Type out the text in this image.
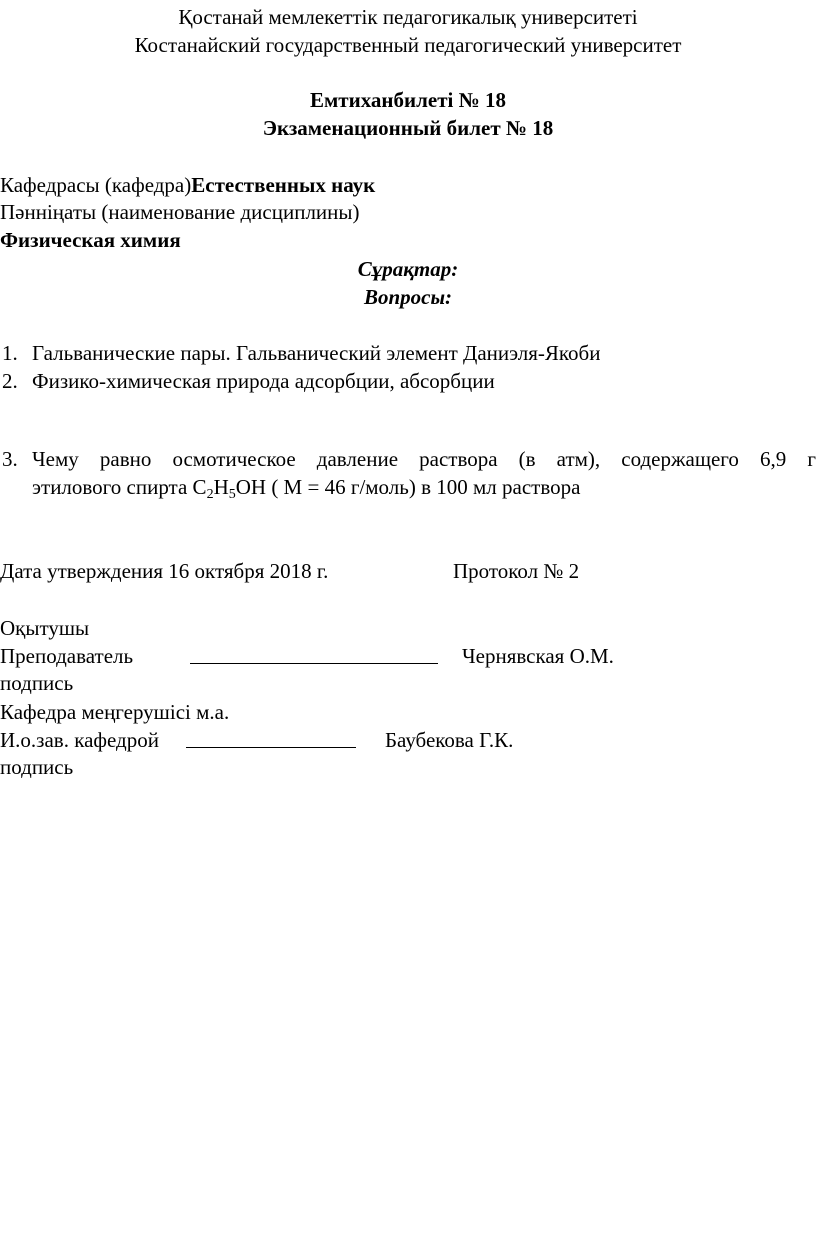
Қостанай мемлекеттік педагогикалық университеті
Костанайский государственный педагогический университет
Емтиханбилеті № 18
Экзаменационный билет № 18
Кафедрасы (кафедра)Естественных наук
Пәнніңаты (наименование дисциплины)
Физическая химия
Сұрақтар:
Вопросы:
1. Гальванические пары. Гальванический элемент Даниэля-Якоби
2. Физико-химическая природа адсорбции, абсорбции
3. Чему равно осмотическое давление раствора (в атм), содержащего 6,9 г
этилового спирта $С_2Н_5ОН$ ( М = 46 г/моль) в 100 мл раствора
Дата утверждения 16 октября 2018 г.	Протокол № 2
Оқытушы
Преподаватель	Чернявская О.М.
подпись
Кафедра меңгерушісі м.а.
И.о.зав. кафедрой	Баубекова Г.К.
подпись
